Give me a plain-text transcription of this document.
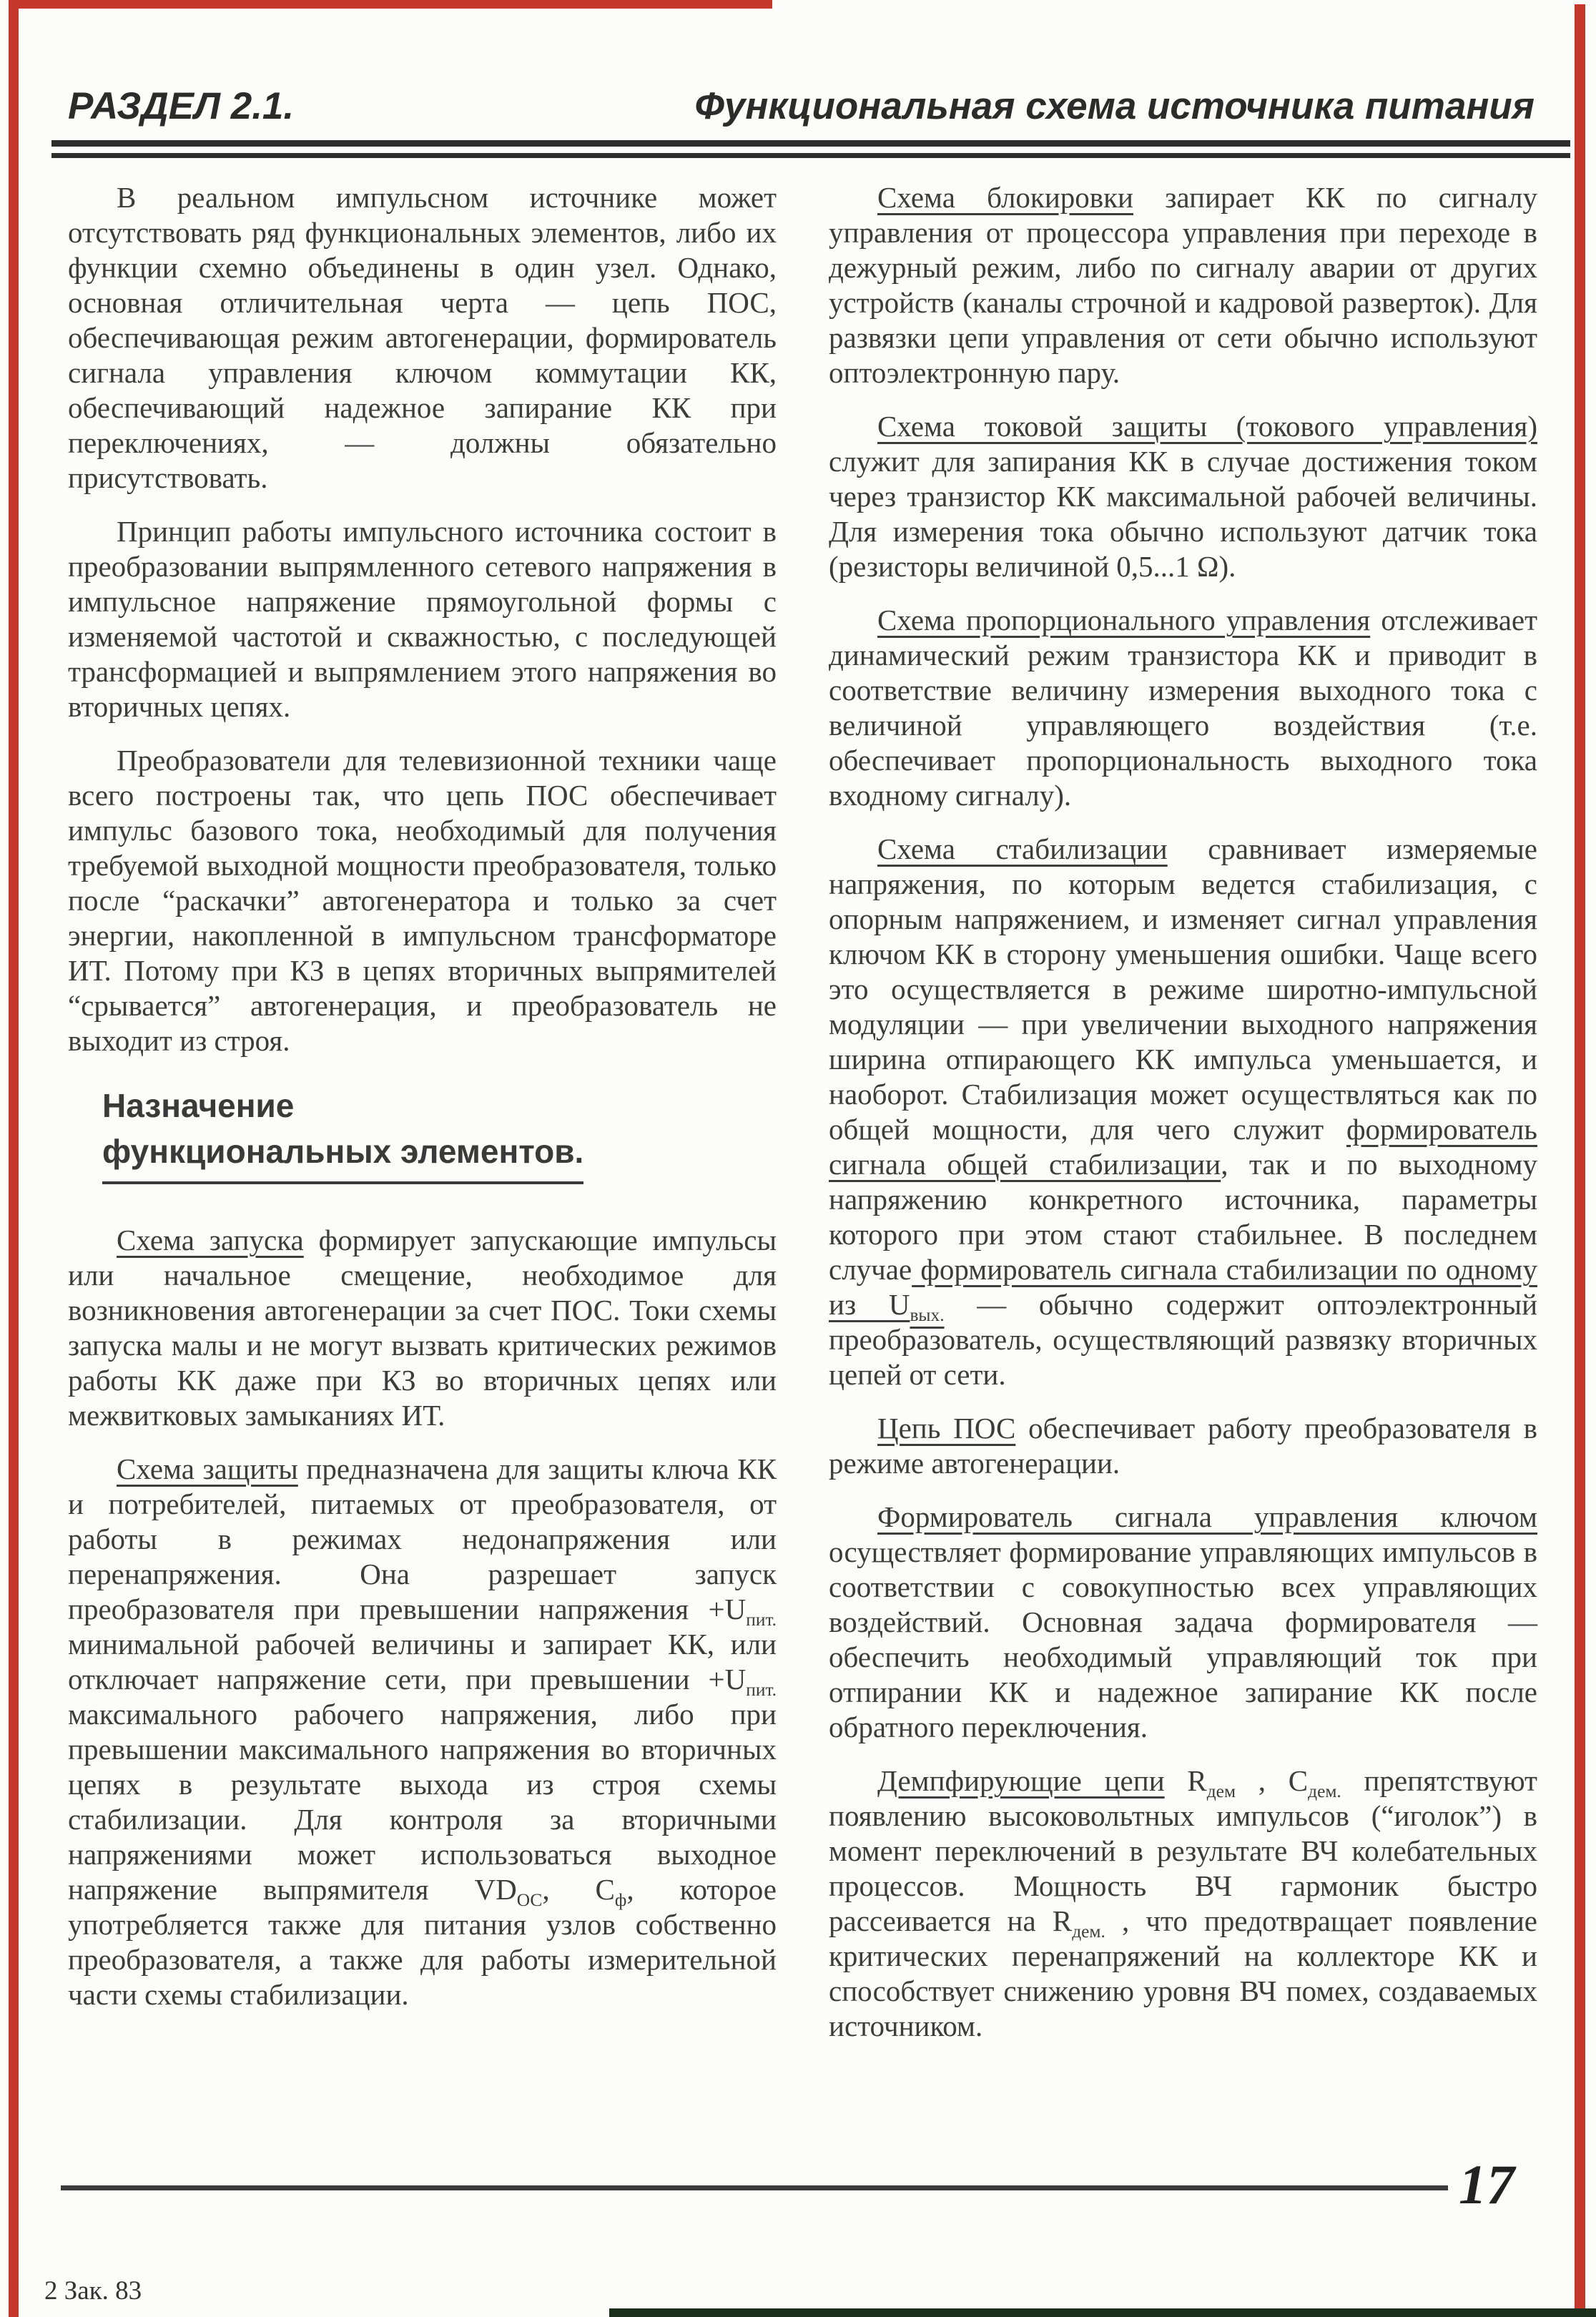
РАЗДЕЛ 2.1.	Функциональная схема источника питания

В реальном импульсном источнике может отсутствовать ряд функциональных элементов, либо их функции схемно объединены в один узел. Однако, основная отличительная черта — цепь ПОС, обеспечивающая режим автогенерации, формирователь сигнала управления ключом коммутации КК, обеспечивающий надежное запирание КК при переключениях, — должны обязательно присутствовать.

Принцип работы импульсного источника состоит в преобразовании выпрямленного сетевого напряжения в импульсное напряжение прямоугольной формы с изменяемой частотой и скважностью, с последующей трансформацией и выпрямлением этого напряжения во вторичных цепях.

Преобразователи для телевизионной техники чаще всего построены так, что цепь ПОС обеспечивает импульс базового тока, необходимый для получения требуемой выходной мощности преобразователя, только после “раскачки” автогенератора и только за счет энергии, накопленной в импульсном трансформаторе ИТ. Потому при КЗ в цепях вторичных выпрямителей “срывается” автогенерация, и преобразователь не выходит из строя.

Назначение
функциональных элементов.

Схема запуска формирует запускающие импульсы или начальное смещение, необходимое для возникновения автогенерации за счет ПОС. Токи схемы запуска малы и не могут вызвать критических режимов работы КК даже при КЗ во вторичных цепях или межвитковых замыканиях ИТ.

Схема защиты предназначена для защиты ключа КК и потребителей, питаемых от преобразователя, от работы в режимах недонапряжения или перенапряжения. Она разрешает запуск преобразователя при превышении напряжения $+U_{пит.}$ минимальной рабочей величины и запирает КК, или отключает напряжение сети, при превышении $+U_{пит.}$ максимального рабочего напряжения, либо при превышении максимального напряжения во вторичных цепях в результате выхода из строя схемы стабилизации. Для контроля за вторичными напряжениями может использоваться выходное напряжение выпрямителя $VD_{ОС}$, $С_ф$, которое употребляется также для питания узлов собственно преобразователя, а также для работы измерительной части схемы стабилизации.

Схема блокировки запирает КК по сигналу управления от процессора управления при переходе в дежурный режим, либо по сигналу аварии от других устройств (каналы строчной и кадровой разверток). Для развязки цепи управления от сети обычно используют оптоэлектронную пару.

Схема токовой защиты (токового управления) служит для запирания КК в случае достижения током через транзистор КК максимальной рабочей величины. Для измерения тока обычно используют датчик тока (резисторы величиной 0,5...1 Ω).

Схема пропорционального управления отслеживает динамический режим транзистора КК и приводит в соответствие величину измерения выходного тока с величиной управляющего воздействия (т.е. обеспечивает пропорциональность выходного тока входному сигналу).

Схема стабилизации сравнивает измеряемые напряжения, по которым ведется стабилизация, с опорным напряжением, и изменяет сигнал управления ключом КК в сторону уменьшения ошибки. Чаще всего это осуществляется в режиме широтно-импульсной модуляции — при увеличении выходного напряжения ширина отпирающего КК импульса уменьшается, и наоборот. Стабилизация может осуществляться как по общей мощности, для чего служит формирователь сигнала общей стабилизации, так и по выходному напряжению конкретного источника, параметры которого при этом стают стабильнее. В последнем случае формирователь сигнала стабилизации по одному из $U_{вых.}$ — обычно содержит оптоэлектронный преобразователь, осуществляющий развязку вторичных цепей от сети.

Цепь ПОС обеспечивает работу преобразователя в режиме автогенерации.

Формирователь сигнала управления ключом осуществляет формирование управляющих импульсов в соответствии с совокупностью всех управляющих воздействий. Основная задача формирователя — обеспечить необходимый управляющий ток при отпирании КК и надежное запирание КК после обратного переключения.

Демпфирующие цепи $R_{дем}$ , $С_{дем.}$ препятствуют появлению высоковольтных импульсов (“иголок”) в момент переключений в результате ВЧ колебательных процессов. Мощность ВЧ гармоник быстро рассеивается на $R_{дем.}$ , что предотвращает появление критических перенапряжений на коллекторе КК и способствует снижению уровня ВЧ помех, создаваемых источником.

17
2 Зак. 83
